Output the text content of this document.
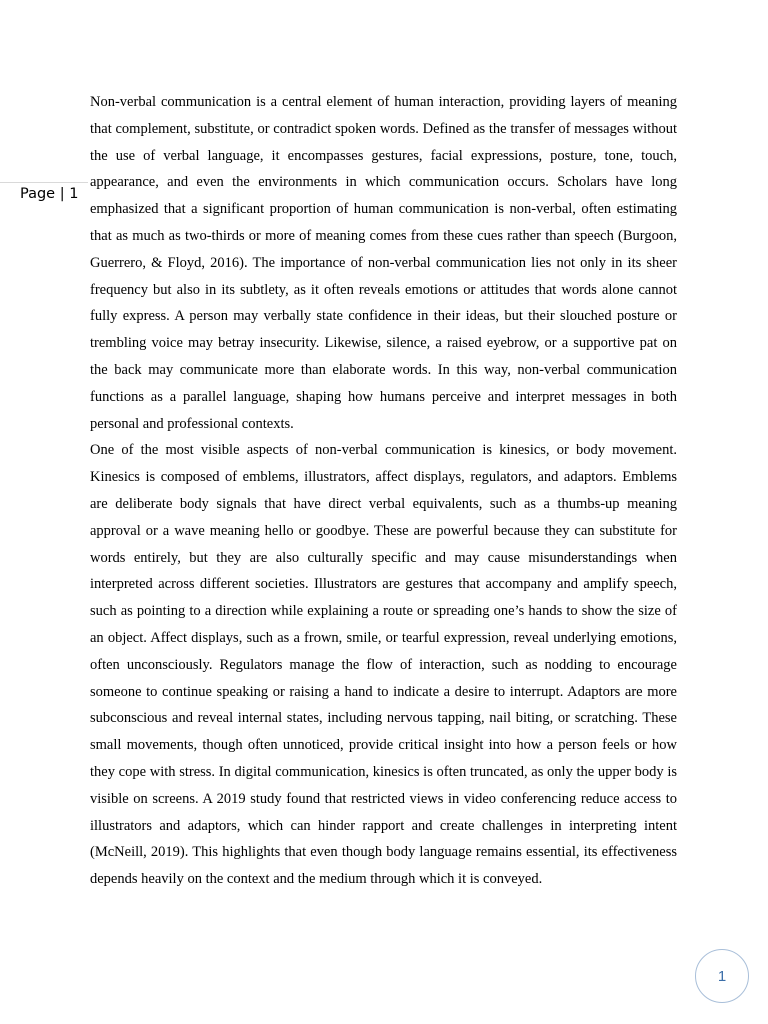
Page | 1

Non-verbal communication is a central element of human interaction, providing layers of meaning that complement, substitute, or contradict spoken words. Defined as the transfer of messages without the use of verbal language, it encompasses gestures, facial expressions, posture, tone, touch, appearance, and even the environments in which communication occurs. Scholars have long emphasized that a significant proportion of human communication is non-verbal, often estimating that as much as two-thirds or more of meaning comes from these cues rather than speech (Burgoon, Guerrero, & Floyd, 2016). The importance of non-verbal communication lies not only in its sheer frequency but also in its subtlety, as it often reveals emotions or attitudes that words alone cannot fully express. A person may verbally state confidence in their ideas, but their slouched posture or trembling voice may betray insecurity. Likewise, silence, a raised eyebrow, or a supportive pat on the back may communicate more than elaborate words. In this way, non-verbal communication functions as a parallel language, shaping how humans perceive and interpret messages in both personal and professional contexts.

One of the most visible aspects of non-verbal communication is kinesics, or body movement. Kinesics is composed of emblems, illustrators, affect displays, regulators, and adaptors. Emblems are deliberate body signals that have direct verbal equivalents, such as a thumbs-up meaning approval or a wave meaning hello or goodbye. These are powerful because they can substitute for words entirely, but they are also culturally specific and may cause misunderstandings when interpreted across different societies. Illustrators are gestures that accompany and amplify speech, such as pointing to a direction while explaining a route or spreading one’s hands to show the size of an object. Affect displays, such as a frown, smile, or tearful expression, reveal underlying emotions, often unconsciously. Regulators manage the flow of interaction, such as nodding to encourage someone to continue speaking or raising a hand to indicate a desire to interrupt. Adaptors are more subconscious and reveal internal states, including nervous tapping, nail biting, or scratching. These small movements, though often unnoticed, provide critical insight into how a person feels or how they cope with stress. In digital communication, kinesics is often truncated, as only the upper body is visible on screens. A 2019 study found that restricted views in video conferencing reduce access to illustrators and adaptors, which can hinder rapport and create challenges in interpreting intent (McNeill, 2019). This highlights that even though body language remains essential, its effectiveness depends heavily on the context and the medium through which it is conveyed.

1
